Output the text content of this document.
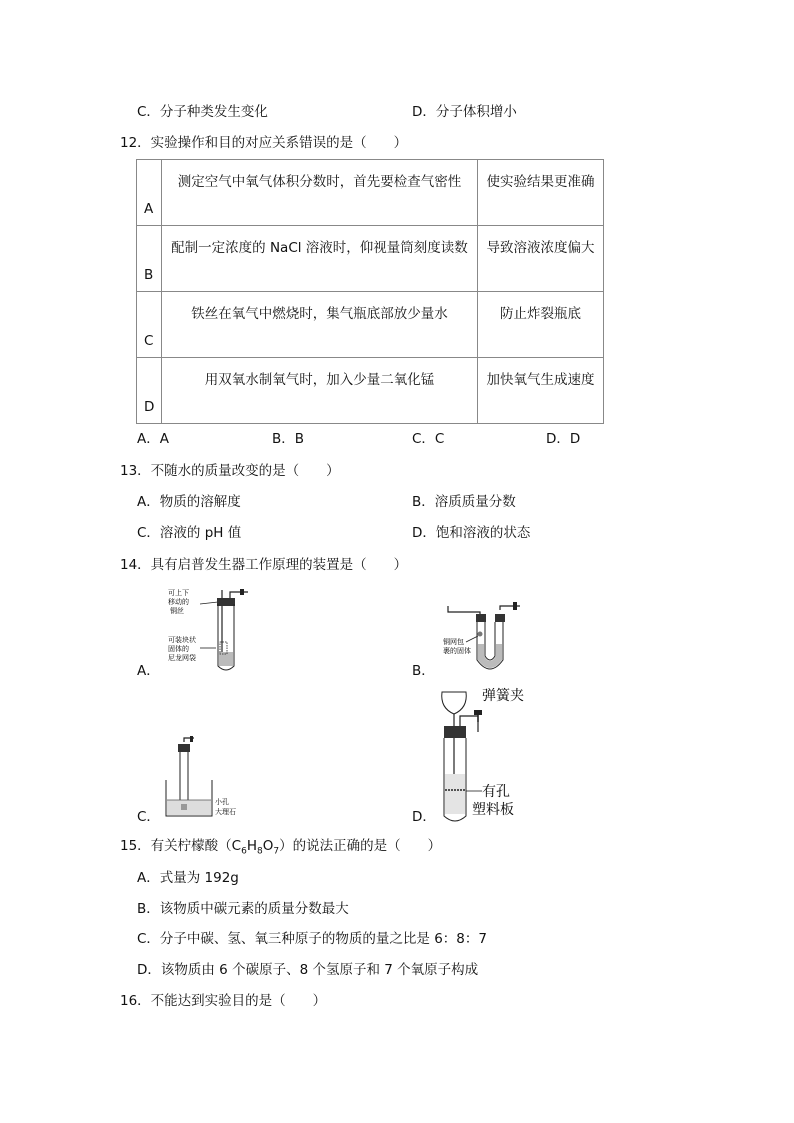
C．分子种类发生变化	D．分子体积增小
12．实验操作和目的对应关系错误的是（　　）
A	测定空气中氧气体积分数时，首先要检查气密性	使实验结果更准确

B	配制一定浓度的 NaCl 溶液时，仰视量筒刻度读数	导致溶液浓度偏大

C	铁丝在氧气中燃烧时，集气瓶底部放少量水	防止炸裂瓶底

D	用双氧水制氧气时，加入少量二氧化锰	加快氧气生成速度
A．A	B．B	C．C	D．D
13．不随水的质量改变的是（　　）
A．物质的溶解度	B．溶质质量分数
C．溶液的 pH 值	D．饱和溶液的状态
14．具有启普发生器工作原理的装置是（　　）
A．	B．
C．	D．
可上下
移动的
铜丝
可装块状
固体的
尼龙网袋
铜网包
裹的固体
小孔
大理石
弹簧夹
有孔
塑料板
15．有关柠檬酸$(C_6H_8O_7)$的说法正确的是（　　）
A．式量为 192g
B．该物质中碳元素的质量分数最大
C．分子中碳、氢、氧三种原子的物质的量之比是 6：8：7
D．该物质由 6 个碳原子、8 个氢原子和 7 个氧原子构成
16．不能达到实验目的是（　　）
